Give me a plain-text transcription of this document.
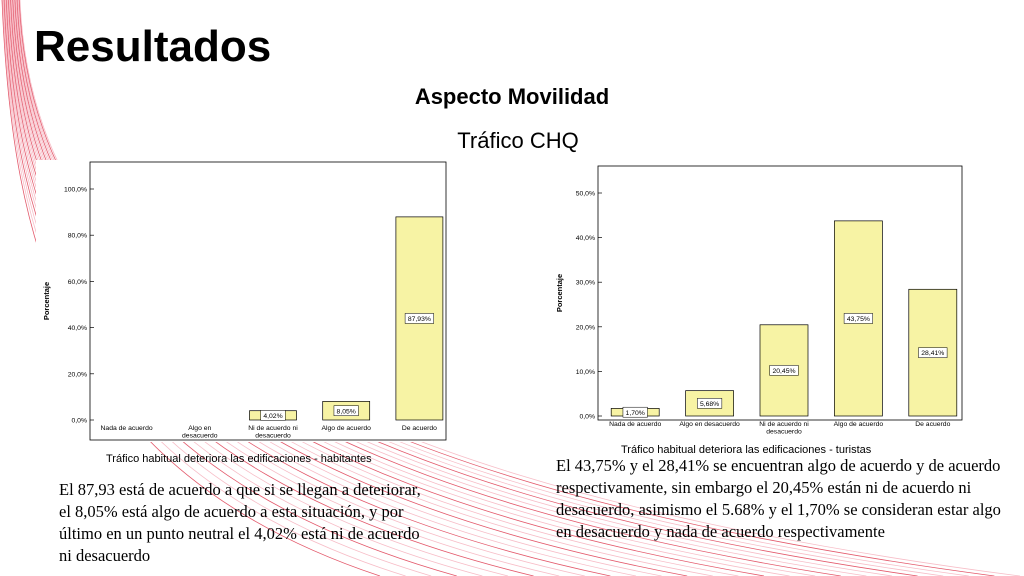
Resultados
Aspecto Movilidad
Tráfico CHQ
0,0%
20,0%
40,0%
60,0%
80,0%
100,0%
Porcentaje
Nada de acuerdo	Algo en
desacuerdo
4,02%
Ni de acuerdo ni
desacuerdo
8,05%
Algo de acuerdo
87,93%
De acuerdo
0,0%
10,0%
20,0%
30,0%
40,0%
50,0%
Porcentaje
1,70%
Nada de acuerdo
5,68%
Algo en desacuerdo
20,45%
Ni de acuerdo ni
desacuerdo
43,75%
Algo de acuerdo
28,41%
De acuerdo
Tráfico habitual deteriora las edificaciones - habitantes
Tráfico habitual deteriora las edificaciones - turistas
El 87,93 está de acuerdo a que si se llegan a deteriorar, el 8,05% está algo de acuerdo a esta situación, y por último en un punto neutral el 4,02% está ni de acuerdo ni desacuerdo
El 43,75% y el 28,41% se encuentran algo de acuerdo y de acuerdo respectivamente, sin embargo el 20,45% están ni de acuerdo ni desacuerdo, asimismo el 5.68% y el 1,70% se consideran estar algo en desacuerdo y nada de acuerdo respectivamente
